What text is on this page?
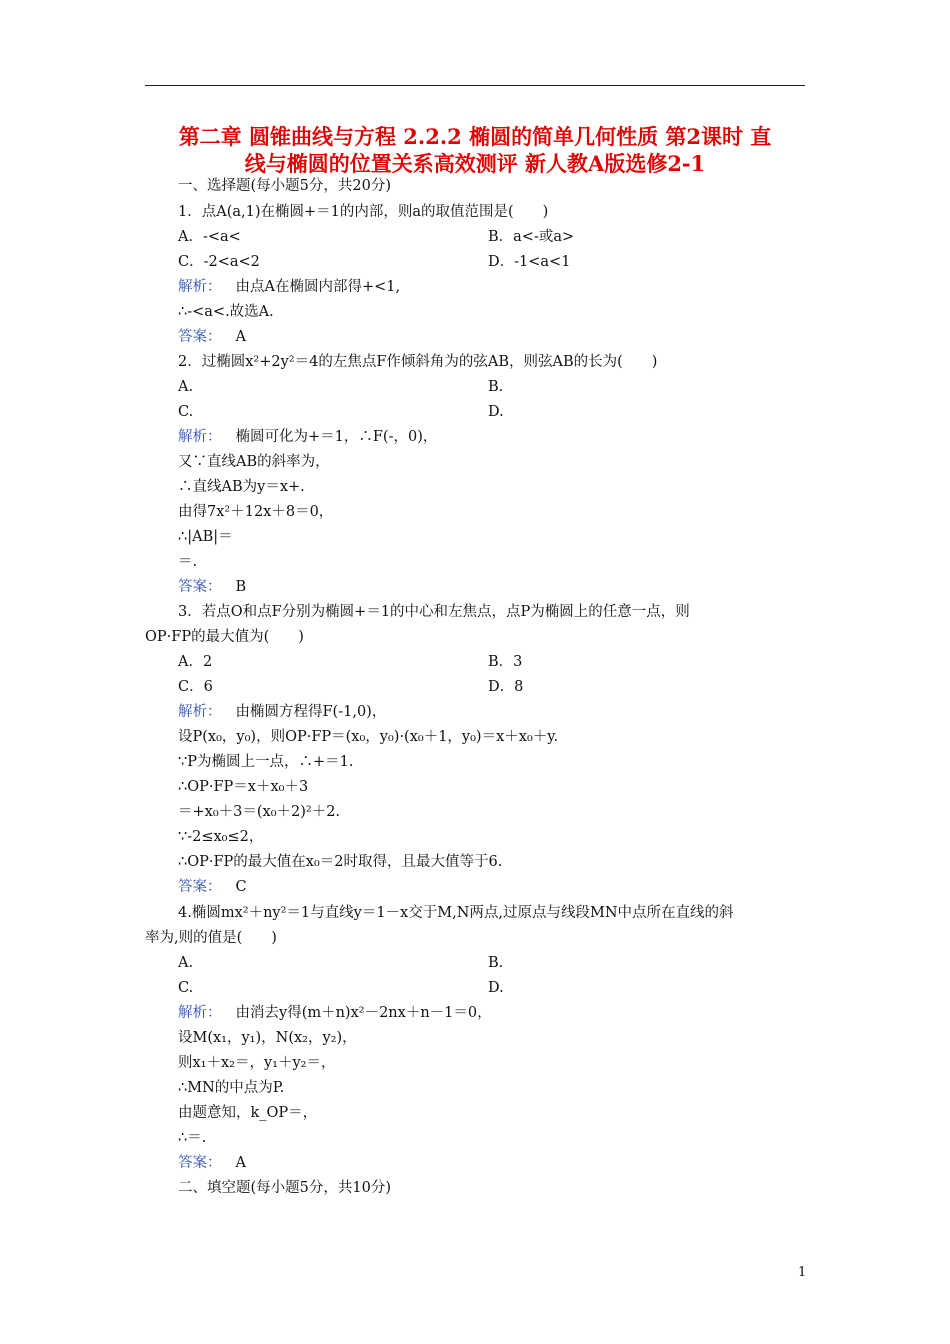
第二章 圆锥曲线与方程 2.2.2 椭圆的简单几何性质 第2课时 直
线与椭圆的位置关系高效测评 新人教A版选修2-1
一、选择题(每小题5分，共20分)
1．点A(a,1)在椭圆+＝1的内部，则a的取值范围是(　　)
A．-<a<	B．a<-或a>
C．-2<a<2	D．-1<a<1
解析： 由点A在椭圆内部得+<1,
∴-<a<.故选A.
答案： A
2．过椭圆x²+2y²＝4的左焦点F作倾斜角为的弦AB，则弦AB的长为(　　)
A.	B.
C.	D.
解析： 椭圆可化为+＝1，∴F(-，0)，
又∵直线AB的斜率为，
∴直线AB为y＝x+.
由得7x²＋12x＋8＝0，
∴|AB|＝
＝.
答案： B
3．若点O和点F分别为椭圆+＝1的中心和左焦点，点P为椭圆上的任意一点，则
OP·FP的最大值为(　　)
A．2	B．3
C．6	D．8
解析： 由椭圆方程得F(-1,0)，
设P(x₀，y₀)，则OP·FP＝(x₀，y₀)·(x₀＋1，y₀)＝x＋x₀＋y.
∵P为椭圆上一点，∴+＝1.
∴OP·FP＝x＋x₀＋3
＝+x₀＋3＝(x₀＋2)²＋2.
∵-2≤x₀≤2，
∴OP·FP的最大值在x₀＝2时取得，且最大值等于6.
答案： C
4.椭圆mx²＋ny²＝1与直线y＝1－x交于M,N两点,过原点与线段MN中点所在直线的斜
率为,则的值是(　　)
A.	B.
C.	D.
解析： 由消去y得(m＋n)x²－2nx＋n－1＝0，
设M(x₁，y₁)，N(x₂，y₂)，
则x₁＋x₂＝，y₁＋y₂＝，
∴MN的中点为P.
由题意知，k_OP＝，
∴＝.
答案： A
二、填空题(每小题5分，共10分)
1
